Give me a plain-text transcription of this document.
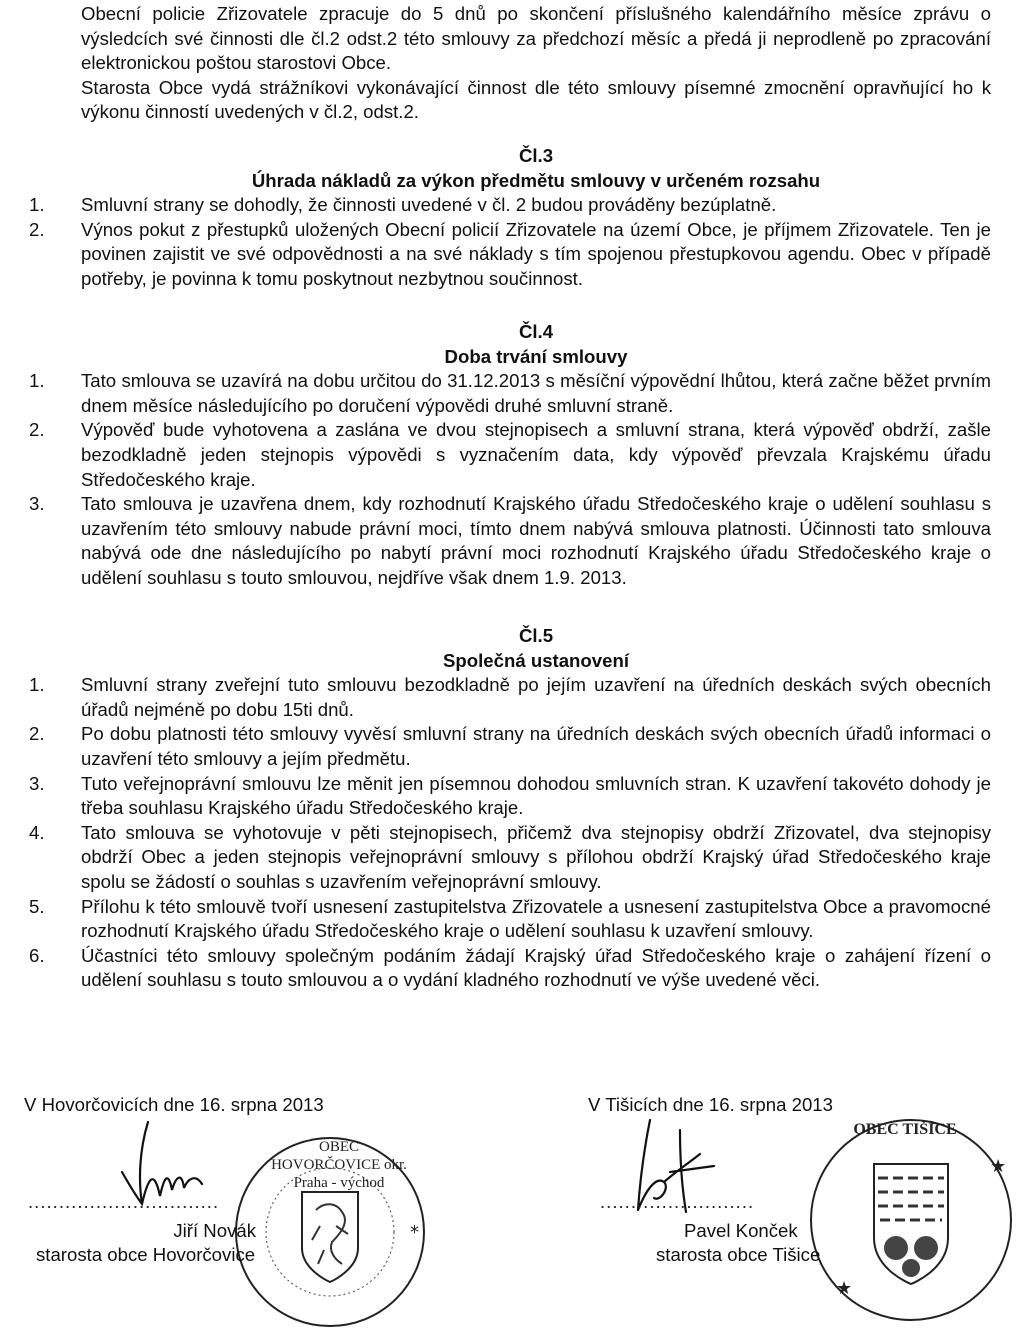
Obecní policie Zřizovatele zpracuje do 5 dnů po skončení příslušného kalendářního měsíce zprávu o výsledcích své činnosti dle čl.2 odst.2 této smlouvy za předchozí měsíc a předá ji neprodleně po zpracování elektronickou poštou starostovi Obce.

Starosta Obce vydá strážníkovi vykonávající činnost dle této smlouvy písemné zmocnění opravňující ho k výkonu činností uvedených v čl.2, odst.2.

Čl.3

Úhrada nákladů za výkon předmětu smlouvy v určeném rozsahu

1.	Smluvní strany se dohodly, že činnosti uvedené v čl. 2 budou prováděny bezúplatně.
2.	Výnos pokut z přestupků uložených Obecní policií Zřizovatele na území Obce, je příjmem Zřizovatele. Ten je povinen zajistit ve své odpovědnosti a na své náklady s tím spojenou přestupkovou agendu. Obec v případě potřeby, je povinna k tomu poskytnout nezbytnou součinnost.

Čl.4

Doba trvání smlouvy

1.	Tato smlouva se uzavírá na dobu určitou do 31.12.2013 s měsíční výpovědní lhůtou, která začne běžet prvním dnem měsíce následujícího po doručení výpovědi druhé smluvní straně.
2.	Výpověď bude vyhotovena a zaslána ve dvou stejnopisech a smluvní strana, která výpověď obdrží, zašle bezodkladně jeden stejnopis výpovědi s vyznačením data, kdy výpověď převzala Krajskému úřadu Středočeského kraje.
3.	Tato smlouva je uzavřena dnem, kdy rozhodnutí Krajského úřadu Středočeského kraje o udělení souhlasu s uzavřením této smlouvy nabude právní moci, tímto dnem nabývá smlouva platnosti. Účinnosti tato smlouva nabývá ode dne následujícího po nabytí právní moci rozhodnutí Krajského úřadu Středočeského kraje o udělení souhlasu s touto smlouvou, nejdříve však dnem 1.9. 2013.

Čl.5

Společná ustanovení

1.	Smluvní strany zveřejní tuto smlouvu bezodkladně po jejím uzavření na úředních deskách svých obecních úřadů nejméně po dobu 15ti dnů.
2.	Po dobu platnosti této smlouvy vyvěsí smluvní strany na úředních deskách svých obecních úřadů informaci o uzavření této smlouvy a jejím předmětu.
3.	Tuto veřejnoprávní smlouvu lze měnit jen písemnou dohodou smluvních stran. K uzavření takovéto dohody je třeba souhlasu Krajského úřadu Středočeského kraje.
4.	Tato smlouva se vyhotovuje v pěti stejnopisech, přičemž dva stejnopisy obdrží Zřizovatel, dva stejnopisy obdrží Obec a jeden stejnopis veřejnoprávní smlouvy s přílohou obdrží Krajský úřad Středočeského kraje spolu se žádostí o souhlas s uzavřením veřejnoprávní smlouvy.
5.	Přílohu k této smlouvě tvoří usnesení zastupitelstva Zřizovatele a usnesení zastupitelstva Obce a pravomocné rozhodnutí Krajského úřadu Středočeského kraje o udělení souhlasu k uzavření smlouvy.
6.	Účastníci této smlouvy společným podáním žádají Krajský úřad Středočeského kraje o zahájení řízení o udělení souhlasu s touto smlouvou a o vydání kladného rozhodnutí ve výše uvedené věci.
V Hovorčovicích dne 16. srpna 2013	V Tišicích dne 16. srpna 2013
*
★
★
...............................
Jiří Novák
starosta obce Hovorčovice
OBEC HOVORČOVICE okr. Praha - východ
.........................
Pavel Konček
starosta obce Tišice
OBEC TIŠICE
